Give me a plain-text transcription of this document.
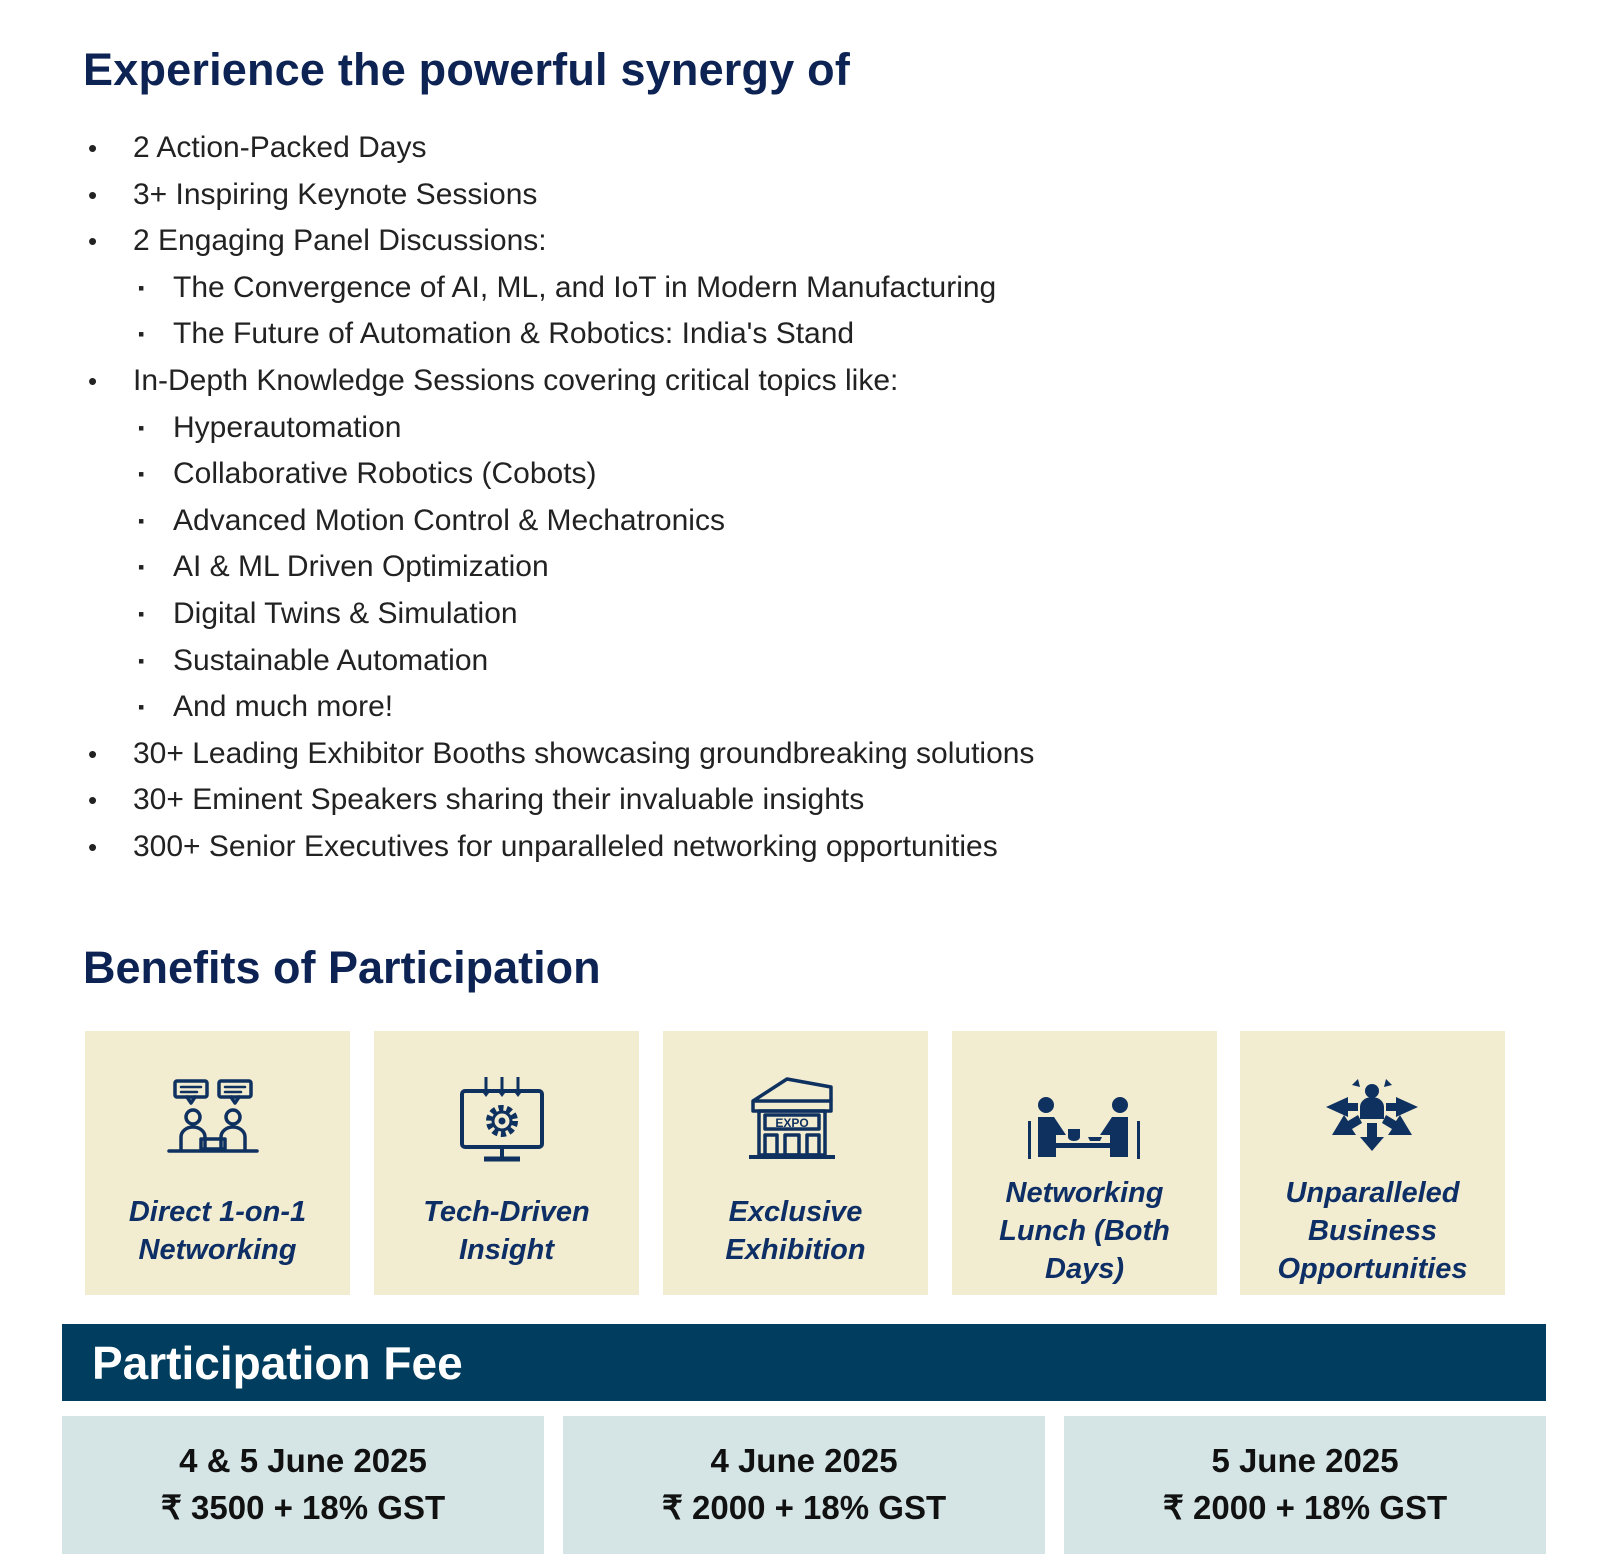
Experience the powerful synergy of
• 2 Action-Packed Days
• 3+ Inspiring Keynote Sessions
• 2 Engaging Panel Discussions:
▪ The Convergence of AI, ML, and IoT in Modern Manufacturing
▪ The Future of Automation & Robotics: India's Stand
• In-Depth Knowledge Sessions covering critical topics like:
▪ Hyperautomation
▪ Collaborative Robotics (Cobots)
▪ Advanced Motion Control & Mechatronics
▪ AI & ML Driven Optimization
▪ Digital Twins & Simulation
▪ Sustainable Automation
▪ And much more!
• 30+ Leading Exhibitor Booths showcasing groundbreaking solutions
• 30+ Eminent Speakers sharing their invaluable insights
• 300+ Senior Executives for unparalleled networking opportunities
Benefits of Participation
Direct 1-on-1
Networking
Tech-Driven
Insight
EXPO
Exclusive
Exhibition
Networking
Lunch (Both Days)
Unparalleled
Business
Opportunities
Participation Fee
4 & 5 June 2025
₹ 3500 + 18% GST
4 June 2025
₹ 2000 + 18% GST
5 June 2025
₹ 2000 + 18% GST
